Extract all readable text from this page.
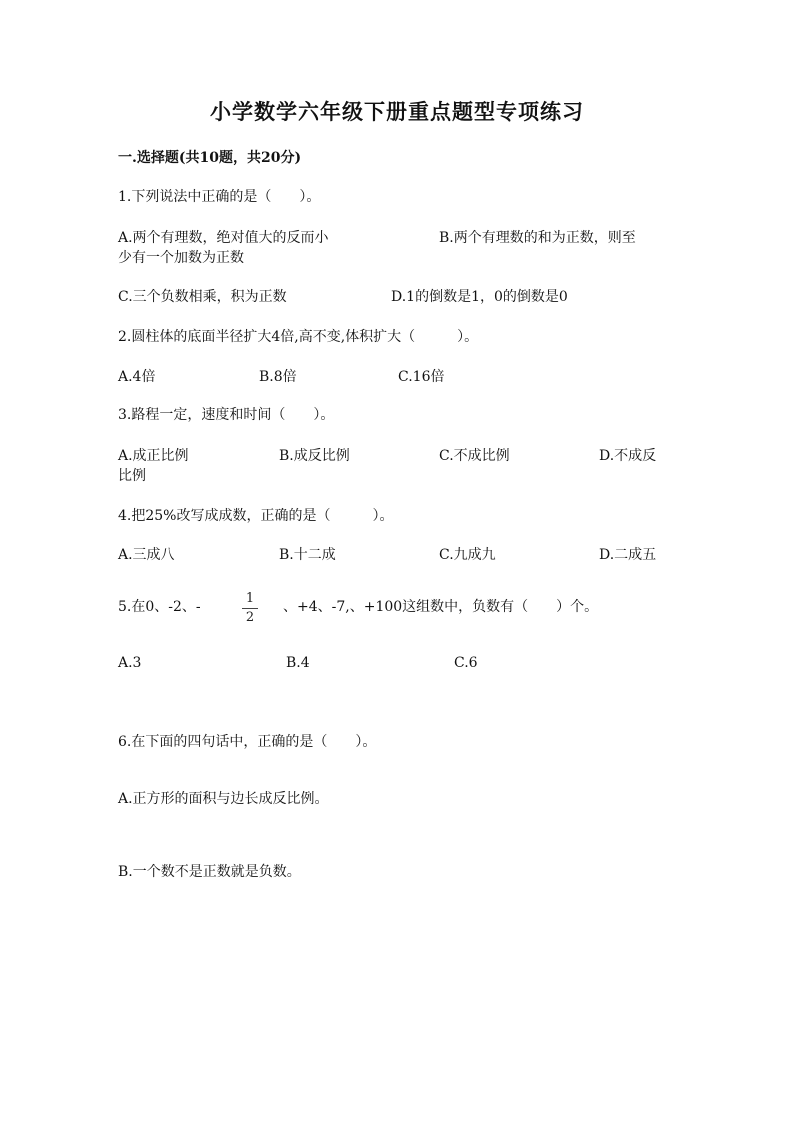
小学数学六年级下册重点题型专项练习
一.选择题(共10题，共20分)
1.下列说法中正确的是（　　）。
A.两个有理数，绝对值大的反而小	B.两个有理数的和为正数，则至
少有一个加数为正数
C.三个负数相乘，积为正数	D.1的倒数是1，0的倒数是0
2.圆柱体的底面半径扩大4倍,高不变,体积扩大（　　　）。
A.4倍	B.8倍	C.16倍
3.路程一定，速度和时间（　　）。
A.成正比例	B.成反比例	C.不成比例	D.不成反
比例
4.把25%改写成成数，正确的是（　　　）。
A.三成八	B.十二成	C.九成九	D.二成五
5.在0、-2、-
1
2
、+4、-7,、+100这组数中，负数有（　　）个。
A.3	B.4	C.6
6.在下面的四句话中，正确的是（　　）。
A.正方形的面积与边长成反比例。
B.一个数不是正数就是负数。
